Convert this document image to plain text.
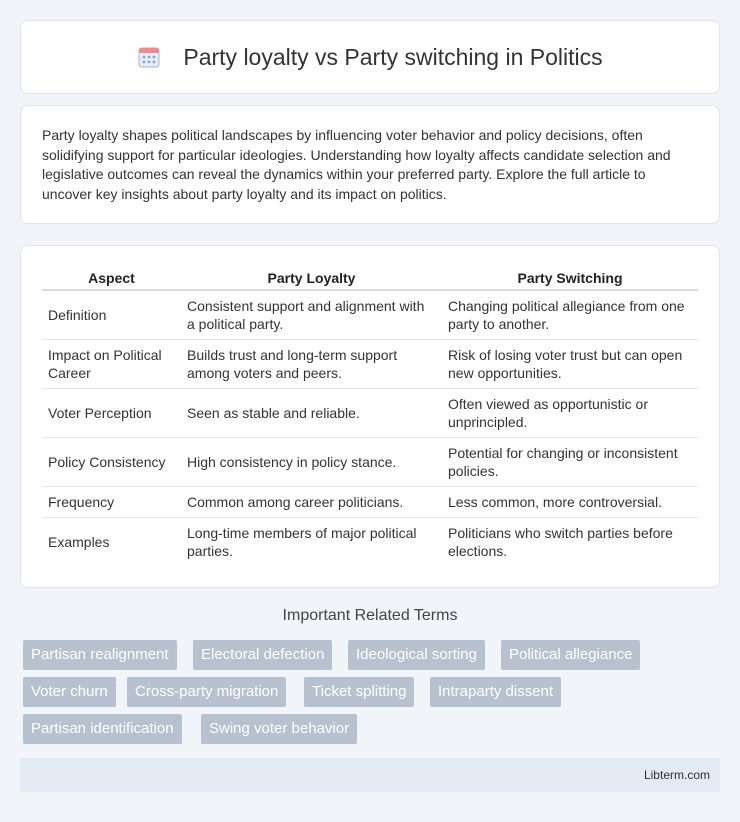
Party loyalty vs Party switching in Politics

Party loyalty shapes political landscapes by influencing voter behavior and policy decisions, often solidifying support for particular ideologies. Understanding how loyalty affects candidate selection and legislative outcomes can reveal the dynamics within your preferred party. Explore the full article to uncover key insights about party loyalty and its impact on politics.

Aspect	Party Loyalty	Party Switching
Definition	Consistent support and alignment with a political party.	Changing political allegiance from one party to another.
Impact on Political Career	Builds trust and long-term support among voters and peers.	Risk of losing voter trust but can open new opportunities.
Voter Perception	Seen as stable and reliable.	Often viewed as opportunistic or unprincipled.
Policy Consistency	High consistency in policy stance.	Potential for changing or inconsistent policies.
Frequency	Common among career politicians.	Less common, more controversial.
Examples	Long-time members of major political parties.	Politicians who switch parties before elections.
Important Related Terms
Partisan realignment	Electoral defection	Ideological sorting	Political allegiance
Voter churn	Cross-party migration	Ticket splitting	Intraparty dissent
Partisan identification	Swing voter behavior
Libterm.com
